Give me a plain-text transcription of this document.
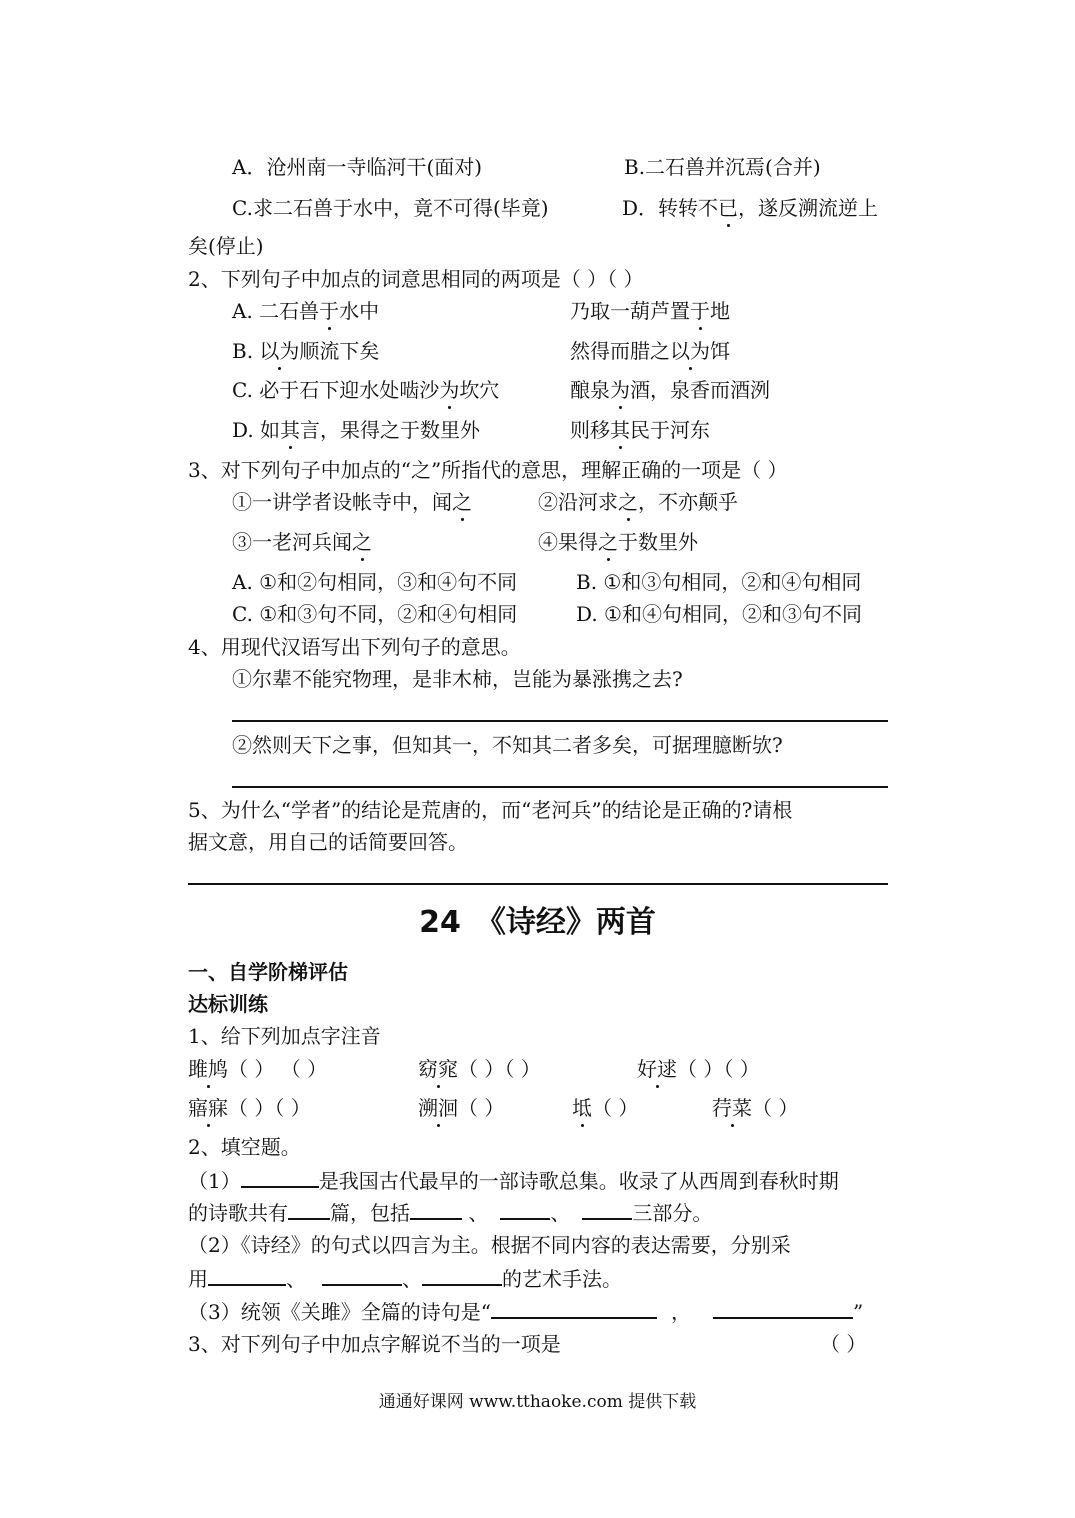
A．沧州南一寺临河干(面对)	B.二石兽并沉焉(合并)
C.求二石兽于水中，竟不可得(毕竟)	D．转转不已，遂反溯流逆上
矣(停止)
2、下列句子中加点的词意思相同的两项是（ ）（ ）
A. 二石兽于水中	乃取一葫芦置于地
B. 以为顺流下矣	然得而腊之以为饵
C. 必于石下迎水处啮沙为坎穴	酿泉为酒，泉香而酒洌
D. 如其言，果得之于数里外	则移其民于河东
3、对下列句子中加点的“之”所指代的意思，理解正确的一项是（ ）
①一讲学者设帐寺中，闻之	②沿河求之，不亦颠乎
③一老河兵闻之	④果得之于数里外
A. ①和②句相同，③和④句不同	B. ①和③句相同，②和④句相同
C. ①和③句不同，②和④句相同	D. ①和④句相同，②和③句不同
4、用现代汉语写出下列句子的意思。
①尔辈不能究物理，是非木柿，岂能为暴涨携之去?
②然则天下之事，但知其一，不知其二者多矣，可据理臆断欤?
5、为什么“学者”的结论是荒唐的，而“老河兵”的结论是正确的?请根
据文意，用自己的话简要回答。
24　《诗经》两首
一、自学阶梯评估
达标训练
1、给下列加点字注音
雎鸠（ ） （ ）	窈窕（ ）（ ）	好逑（ ）（ ）
寤寐（ ）（ ）	溯洄（ ）	坻（ ）	荇菜（ ）
2、填空题。
（1）	是我国古代最早的一部诗歌总集。收录了从西周到春秋时期
的诗歌共有 篇，包括	、	、	三部分。
（2）《诗经》的句式以四言为主。根据不同内容的表达需要，分别采
用	、	、	的艺术手法。
（3）统领《关雎》全篇的诗句是“	，	”
3、对下列句子中加点字解说不当的一项是	（ ）
通通好课网 www.tthaoke.com 提供下载
